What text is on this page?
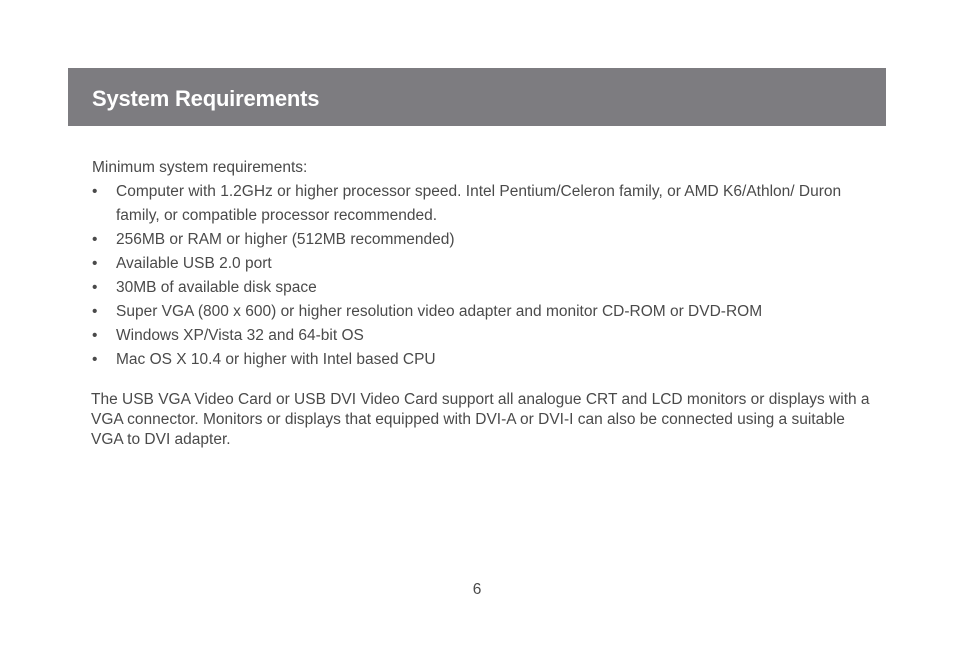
System Requirements

Minimum system requirements:

• Computer with 1.2GHz or higher processor speed. Intel Pentium/Celeron family, or AMD K6/Athlon/ Duron family, or compatible processor recommended.
• 256MB or RAM or higher (512MB recommended)
• Available USB 2.0 port
• 30MB of available disk space
• Super VGA (800 x 600) or higher resolution video adapter and monitor CD-ROM or DVD-ROM
• Windows XP/Vista 32 and 64-bit OS
• Mac OS X 10.4 or higher with Intel based CPU

The USB VGA Video Card or USB DVI Video Card support all analogue CRT and LCD monitors or displays with a VGA connector. Monitors or displays that equipped with DVI-A or DVI-I can also be connected using a suitable VGA to DVI adapter.

6
